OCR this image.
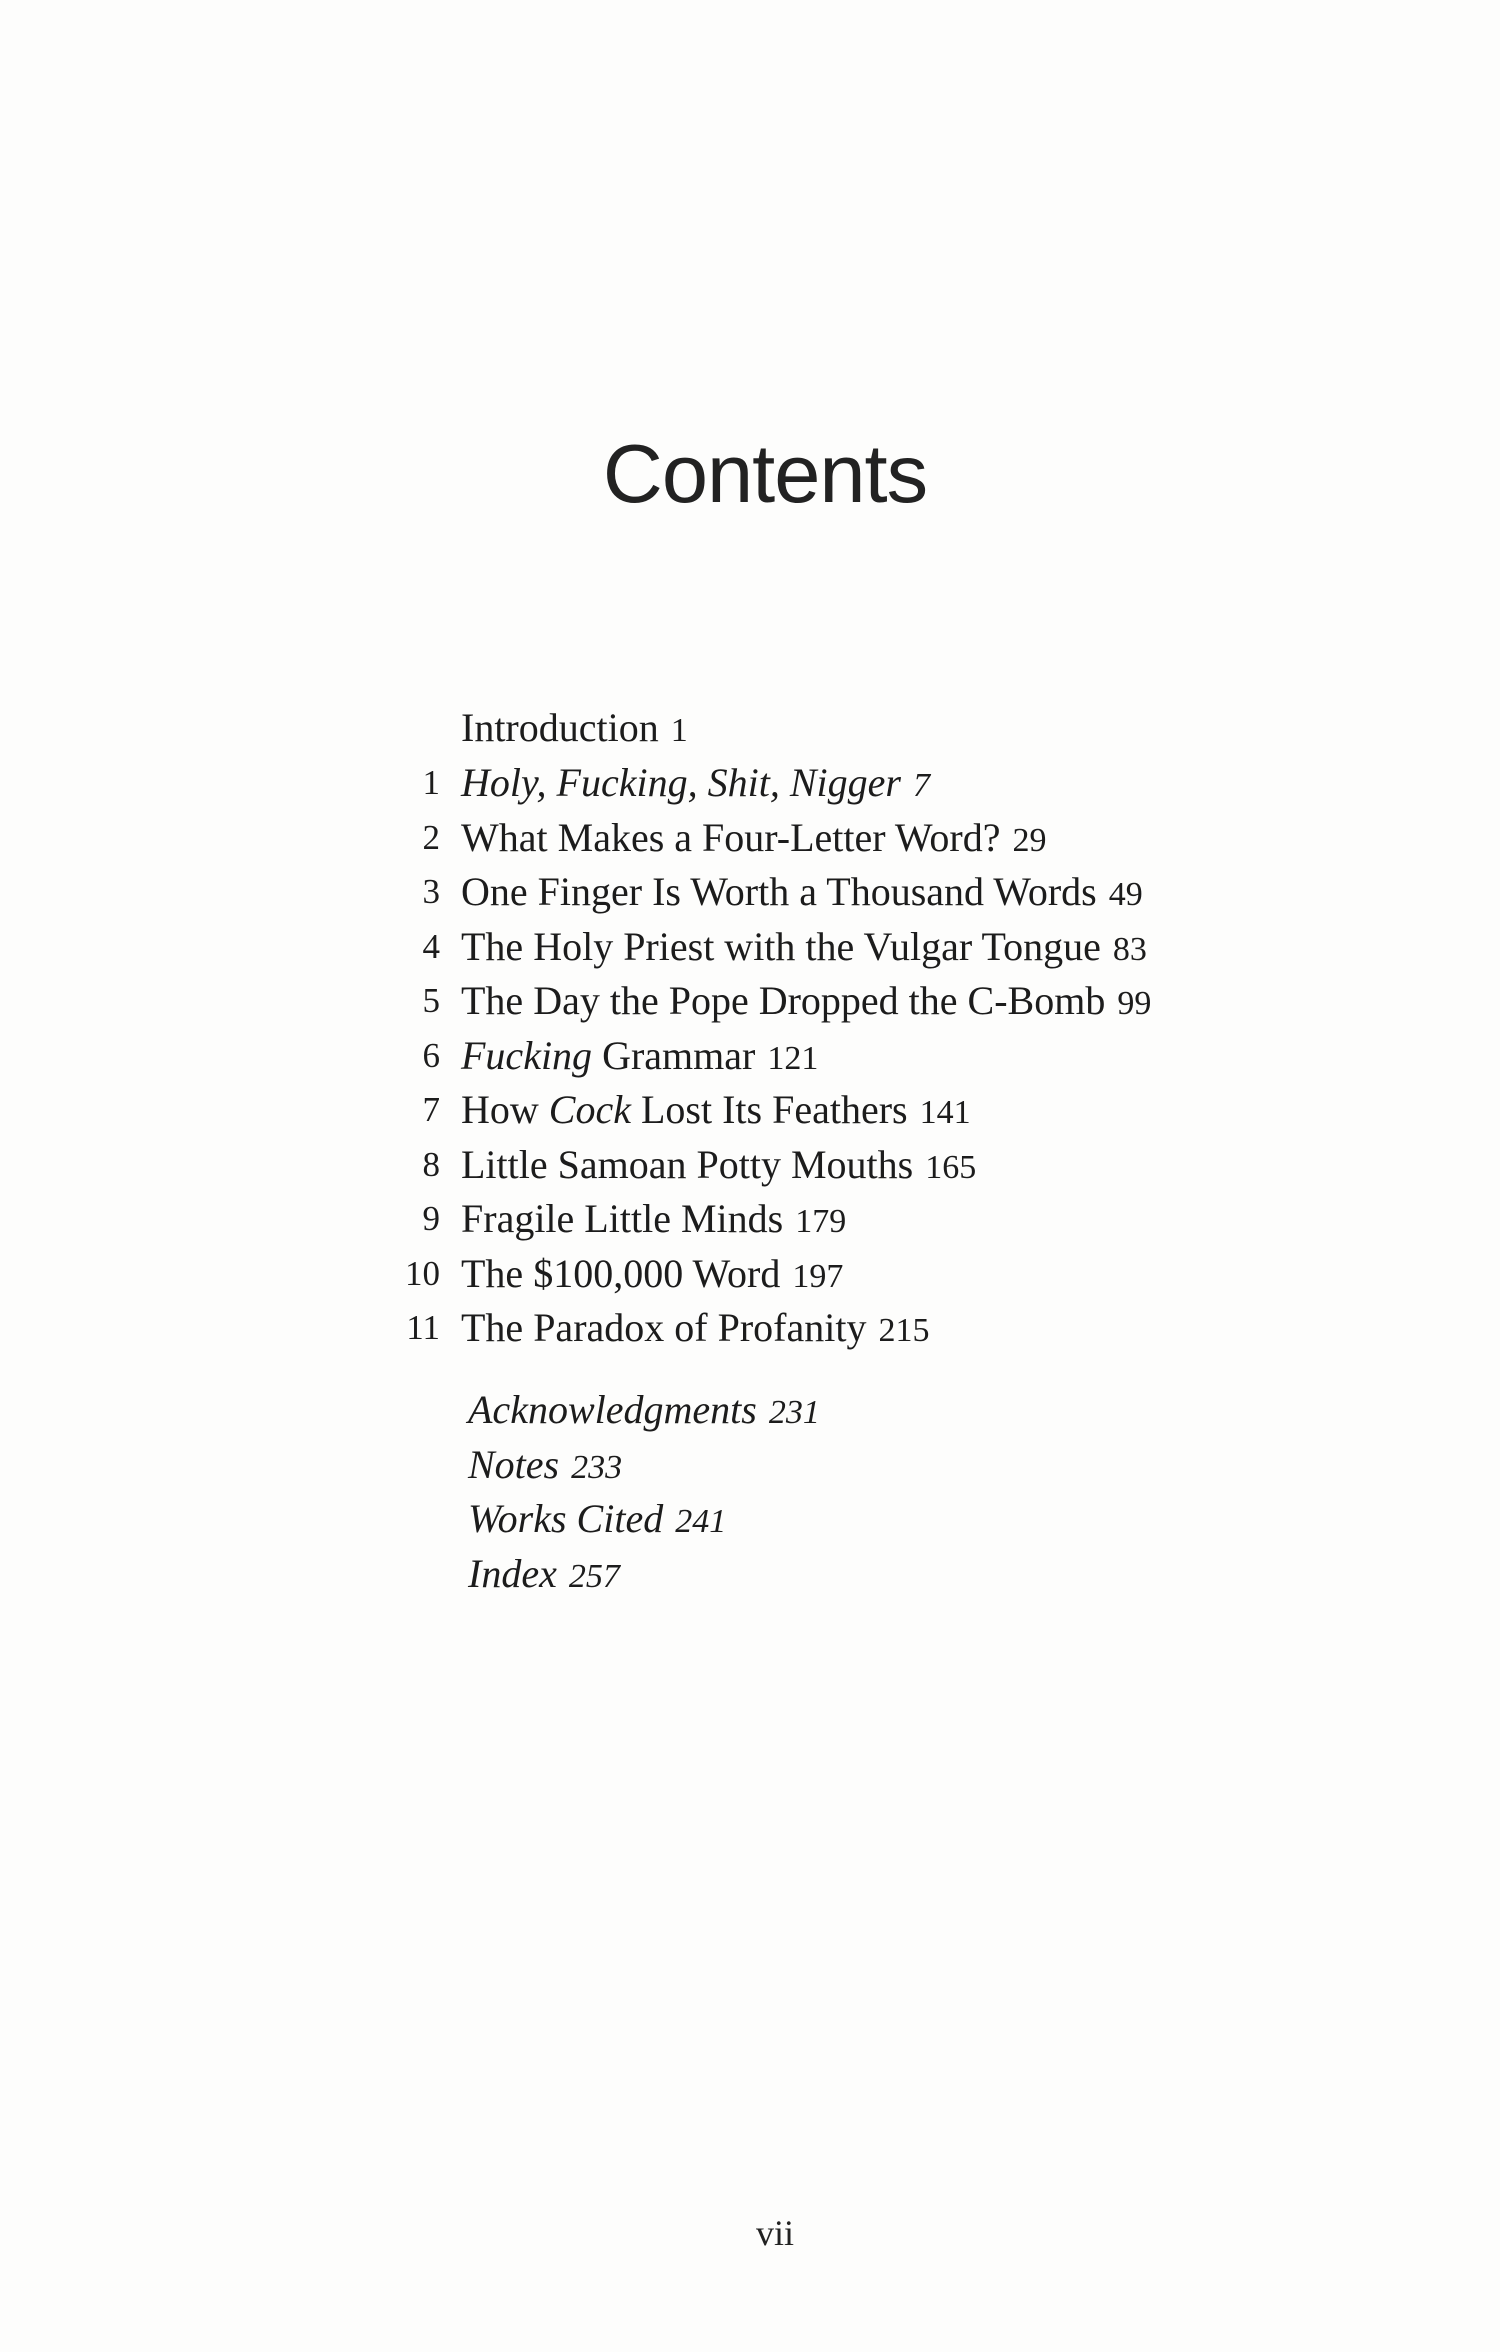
Contents
Introduction 1
1 Holy, Fucking, Shit, Nigger 7
2 What Makes a Four-Letter Word? 29
3 One Finger Is Worth a Thousand Words 49
4 The Holy Priest with the Vulgar Tongue 83
5 The Day the Pope Dropped the C-Bomb 99
6 Fucking Grammar 121
7 How Cock Lost Its Feathers 141
8 Little Samoan Potty Mouths 165
9 Fragile Little Minds 179
10 The $100,000 Word 197
11 The Paradox of Profanity 215
Acknowledgments 231
Notes 233
Works Cited 241
Index 257
vii
